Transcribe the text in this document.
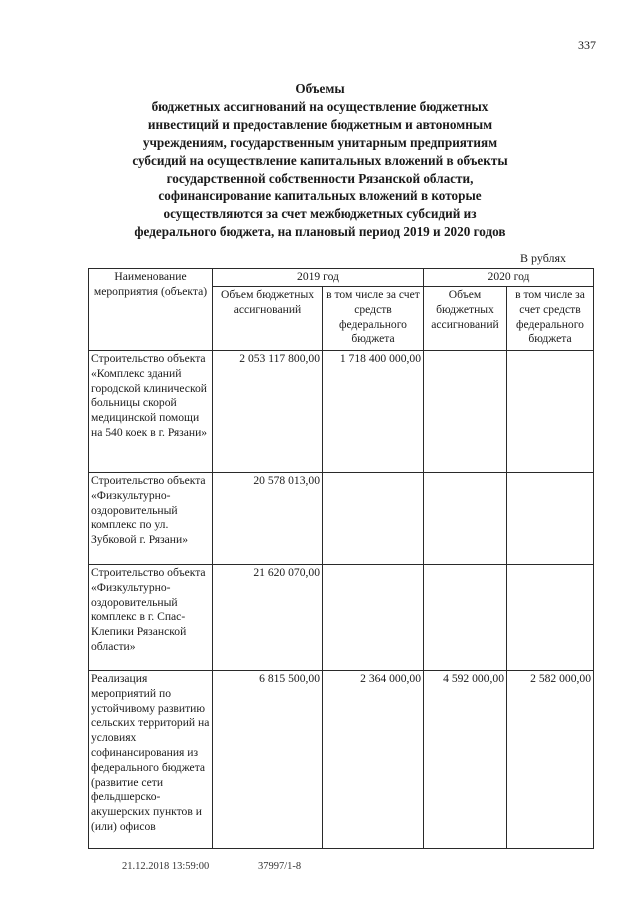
337
Объемы
бюджетных ассигнований на осуществление бюджетных
инвестиций и предоставление бюджетным и автономным
учреждениям, государственным унитарным предприятиям
субсидий на осуществление капитальных вложений в объекты
государственной собственности Рязанской области,
софинансирование капитальных вложений в которые
осуществляются за счет межбюджетных субсидий из
федерального бюджета, на плановый период 2019 и 2020 годов
В рублях
Наименование мероприятия (объекта)	2019 год		2020 год	
	Объем бюджетных ассигнований	в том числе за счет средств федерального бюджета	Объем бюджетных ассигнований	в том числе за счет средств федерального бюджета
Строительство объекта «Комплекс зданий городской клинической больницы скорой медицинской помощи на 540 коек в г. Рязани»	2 053 117 800,00	1 718 400 000,00		
Строительство объекта «Физкультурно-оздоровительный комплекс по ул. Зубковой г. Рязани»	20 578 013,00			
Строительство объекта «Физкультурно-оздоровительный комплекс в г. Спас-Клепики Рязанской области»	21 620 070,00			
Реализация мероприятий по устойчивому развитию сельских территорий на условиях софинансирования из федерального бюджета (развитие сети фельдшерско-акушерских пунктов и (или) офисов	6 815 500,00	2 364 000,00	4 592 000,00	2 582 000,00
21.12.2018 13:59:00	37997/1-8
